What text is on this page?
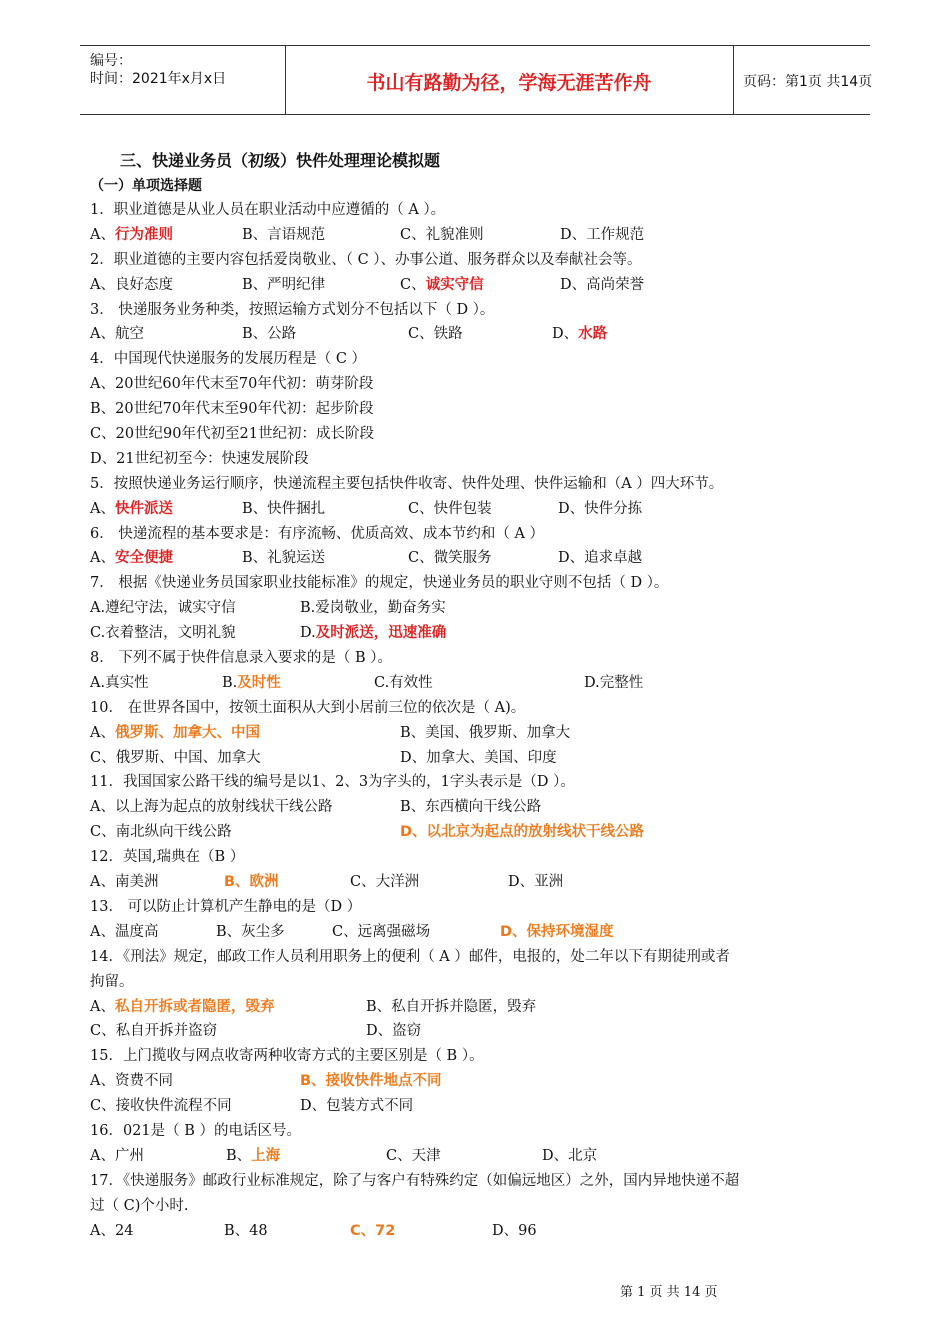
编号：
时间：2021年x月x日	书山有路勤为径，学海无涯苦作舟	页码：第1页 共14页
三、快递业务员（初级）快件处理理论模拟题
（一）单项选择题
1．职业道德是从业人员在职业活动中应遵循的（ A ）。
A、行为准则	B、言语规范	C、礼貌准则	D、工作规范
2．职业道德的主要内容包括爱岗敬业、（ C ）、办事公道、服务群众以及奉献社会等。
A、良好态度	B、严明纪律	C、诚实守信	D、高尚荣誉
3． 快递服务业务种类，按照运输方式划分不包括以下（ D ）。
A、航空	B、公路	C、铁路	D、水路
4．中国现代快递服务的发展历程是（ C ）
A、20世纪60年代末至70年代初：萌芽阶段
B、20世纪70年代末至90年代初：起步阶段
C、20世纪90年代初至21世纪初：成长阶段
D、21世纪初至今：快速发展阶段
5．按照快递业务运行顺序，快递流程主要包括快件收寄、快件处理、快件运输和（A ）四大环节。
A、快件派送	B、快件捆扎	C、快件包装	D、快件分拣
6． 快递流程的基本要求是：有序流畅、优质高效、成本节约和（ A ）
A、安全便捷	B、礼貌运送	C、微笑服务	D、追求卓越
7． 根据《快递业务员国家职业技能标准》的规定，快递业务员的职业守则不包括（ D ）。
A.遵纪守法，诚实守信	B.爱岗敬业，勤奋务实
C.衣着整洁，文明礼貌	D.及时派送，迅速准确
8． 下列不属于快件信息录入要求的是（ B ）。
A.真实性	B.及时性	C.有效性	D.完整性
10． 在世界各国中，按领土面积从大到小居前三位的依次是（ A)。
A、俄罗斯、加拿大、中国	B、美国、俄罗斯、加拿大
C、俄罗斯、中国、加拿大	D、加拿大、美国、印度
11．我国国家公路干线的编号是以1、2、3为字头的，1字头表示是（D ）。
A、以上海为起点的放射线状干线公路	B、东西横向干线公路
C、南北纵向干线公路	D、以北京为起点的放射线状干线公路
12．英国,瑞典在（B ）
A、南美洲	B、欧洲	C、大洋洲	D、亚洲
13． 可以防止计算机产生静电的是（D ）
A、温度高	B、灰尘多	C、远离强磁场	D、保持环境湿度
14．《刑法》规定，邮政工作人员利用职务上的便利（ A ）邮件，电报的，处二年以下有期徒刑或者
拘留。
A、私自开拆或者隐匿，毁弃	B、私自开拆并隐匿，毁弃
C、私自开拆并盗窃	D、盗窃
15．上门揽收与网点收寄两种收寄方式的主要区别是（ B ）。
A、资费不同	B、接收快件地点不同
C、接收快件流程不同	D、包装方式不同
16．021是（ B ）的电话区号。
A、广州	B、上海	C、天津	D、北京
17．《快递服务》邮政行业标准规定，除了与客户有特殊约定（如偏远地区）之外，国内异地快递不超
过（ C)个小时.
A、24	B、48	C、72	D、96
第 1 页 共 14 页
